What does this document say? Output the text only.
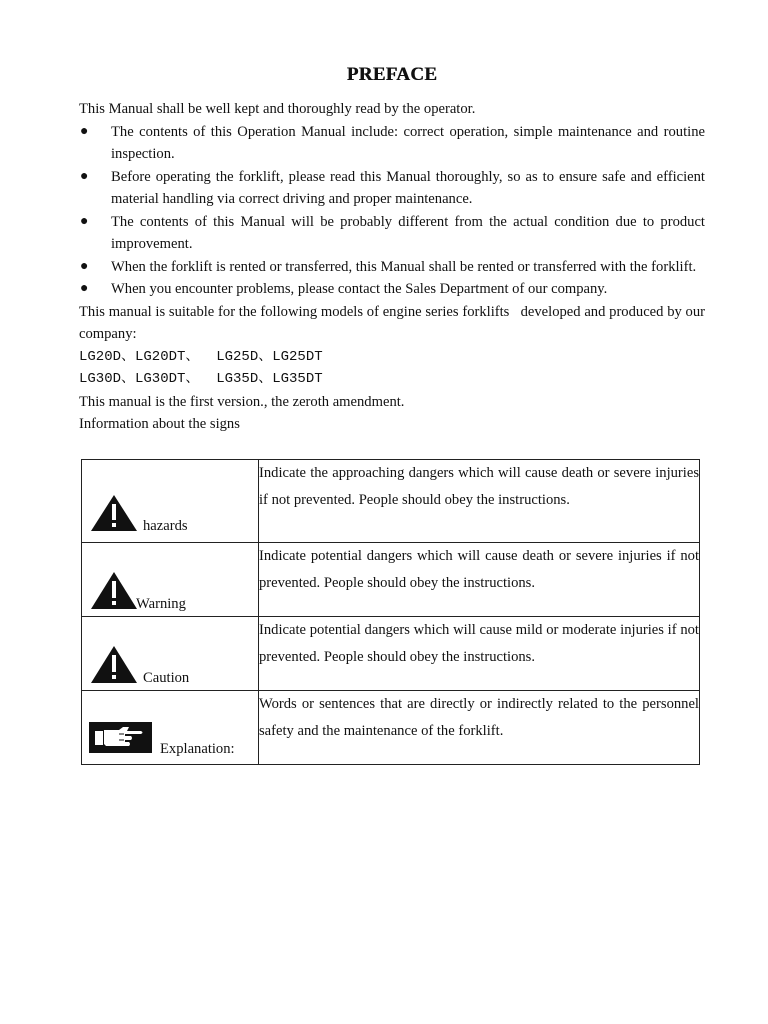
PREFACE

This Manual shall be well kept and thoroughly read by the operator.

● The contents of this Operation Manual include: correct operation, simple maintenance and routine inspection.
● Before operating the forklift, please read this Manual thoroughly, so as to ensure safe and efficient material handling via correct driving and proper maintenance.
● The contents of this Manual will be probably different from the actual condition due to product improvement.
● When the forklift is rented or transferred, this Manual shall be rented or transferred with the forklift.
● When you encounter problems, please contact the Sales Department of our company.

This manual is suitable for the following models of engine series forklifts   developed and produced by our company:

LG20D、LG20DT、  LG25D、LG25DT

LG30D、LG30DT、  LG35D、LG35DT

This manual is the first version., the zeroth amendment.

Information about the signs

hazards	Indicate the approaching dangers which will cause death or severe injuries if not prevented. People should obey the instructions.

Warning	Indicate potential dangers which will cause death or severe injuries if not prevented. People should obey the instructions.

Caution	Indicate potential dangers which will cause mild or moderate injuries if not prevented. People should obey the instructions.

Explanation:	Words or sentences that are directly or indirectly related to the personnel safety and the maintenance of the forklift.
